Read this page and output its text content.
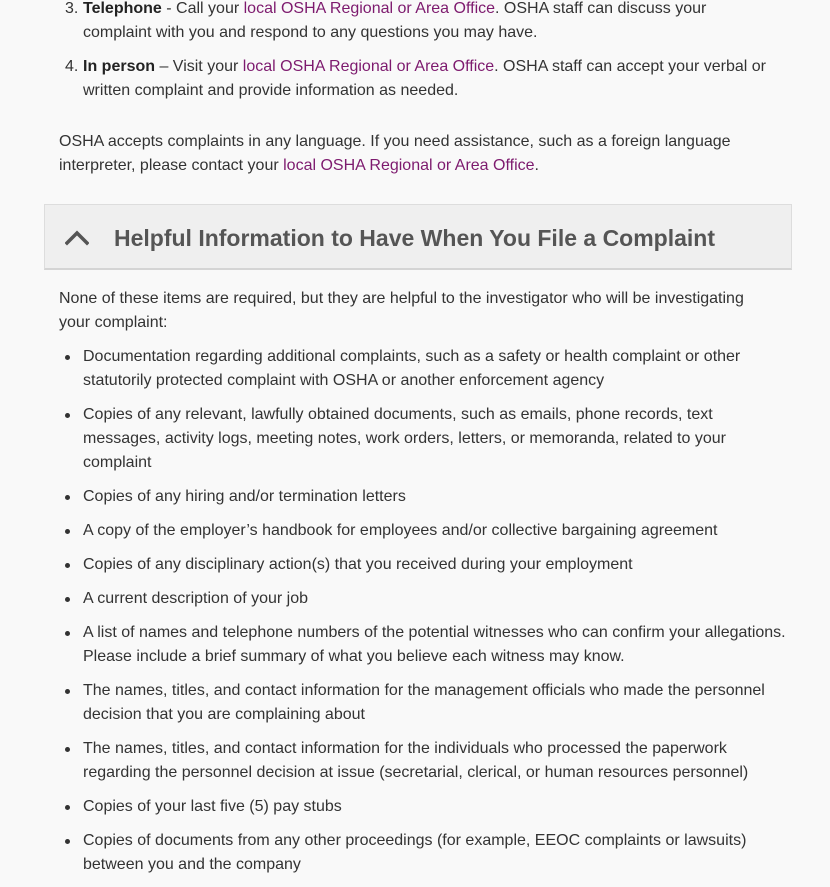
3. Telephone - Call your local OSHA Regional or Area Office. OSHA staff can discuss your complaint with you and respond to any questions you may have.
4. In person – Visit your local OSHA Regional or Area Office. OSHA staff can accept your verbal or written complaint and provide information as needed.

OSHA accepts complaints in any language. If you need assistance, such as a foreign language interpreter, please contact your local OSHA Regional or Area Office.

Helpful Information to Have When You File a Complaint

None of these items are required, but they are helpful to the investigator who will be investigating your complaint:

Documentation regarding additional complaints, such as a safety or health complaint or other statutorily protected complaint with OSHA or another enforcement agency
Copies of any relevant, lawfully obtained documents, such as emails, phone records, text messages, activity logs, meeting notes, work orders, letters, or memoranda, related to your complaint
Copies of any hiring and/or termination letters
A copy of the employer’s handbook for employees and/or collective bargaining agreement
Copies of any disciplinary action(s) that you received during your employment
A current description of your job
A list of names and telephone numbers of the potential witnesses who can confirm your allegations. Please include a brief summary of what you believe each witness may know.
The names, titles, and contact information for the management officials who made the personnel decision that you are complaining about
The names, titles, and contact information for the individuals who processed the paperwork regarding the personnel decision at issue (secretarial, clerical, or human resources personnel)
Copies of your last five (5) pay stubs
Copies of documents from any other proceedings (for example, EEOC complaints or lawsuits) between you and the company
